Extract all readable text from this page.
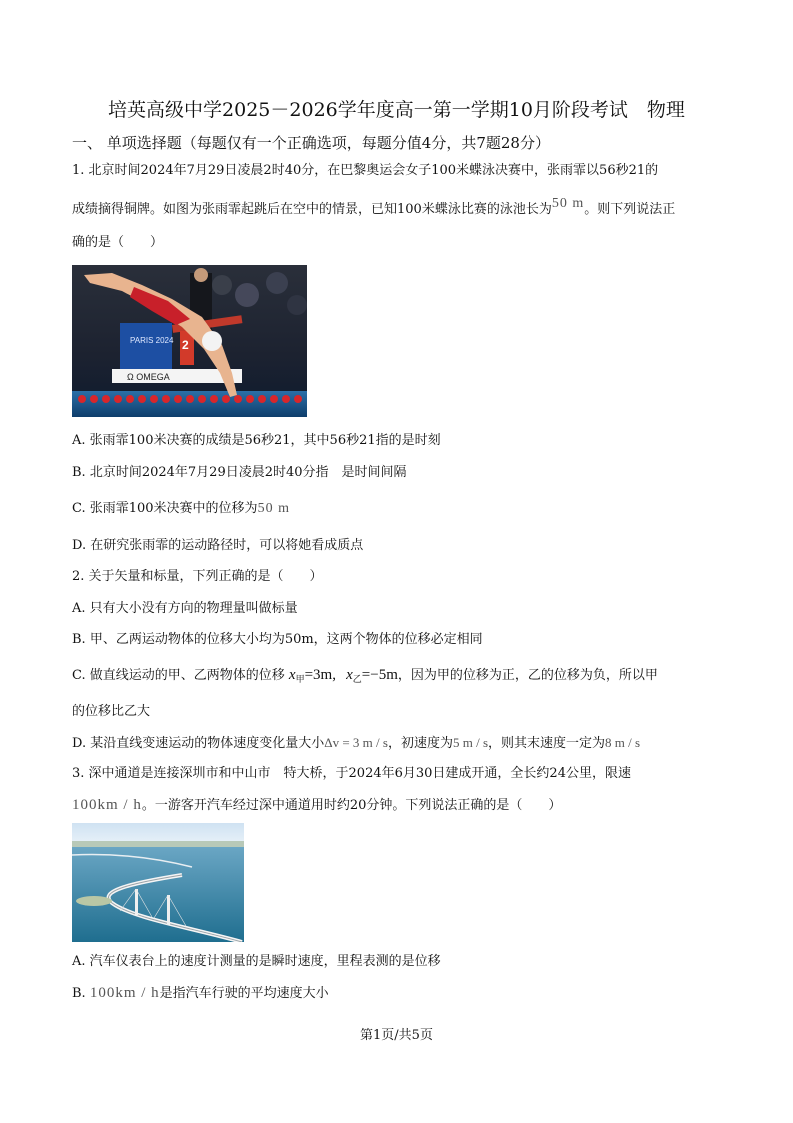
培英高级中学2025－2026学年度高一第一学期10月阶段考试　物理
一、 单项选择题（每题仅有一个正确选项，每题分值4分，共7题28分）
1. 北京时间2024年7月29日凌晨2时40分，在巴黎奥运会女子100米蝶泳决赛中，张雨霏以56秒21的
成绩摘得铜牌。如图为张雨霏起跳后在空中的情景，已知100米蝶泳比赛的泳池长为50 m。则下列说法正
确的是（　　）
PARIS 2024 2
Ω OMEGA
A. 张雨霏100米决赛的成绩是56秒21，其中56秒21指的是时刻
B. 北京时间2024年7月29日凌晨2时40分指　是时间间隔
C. 张雨霏100米决赛中的位移为50 m
D. 在研究张雨霏的运动路径时，可以将她看成质点
2. 关于矢量和标量，下列正确的是（　　）
A. 只有大小没有方向的物理量叫做标量
B. 甲、乙两运动物体的位移大小均为50m，这两个物体的位移必定相同
C. 做直线运动的甲、乙两物体的位移 $x_甲=3m$, $x_乙=-5m$，因为甲的位移为正，乙的位移为负，所以甲
的位移比乙大
D. 某沿直线变速运动的物体速度变化量大小Δv = 3 m / s，初速度为5 m / s，则其末速度一定为8 m / s
3. 深中通道是连接深圳市和中山市　特大桥，于2024年6月30日建成开通，全长约24公里，限速
100km / h。一游客开汽车经过深中通道用时约20分钟。下列说法正确的是（　　）
A. 汽车仪表台上的速度计测量的是瞬时速度，里程表测的是位移
B. 100km / h是指汽车行驶的平均速度大小
第1页/共5页
